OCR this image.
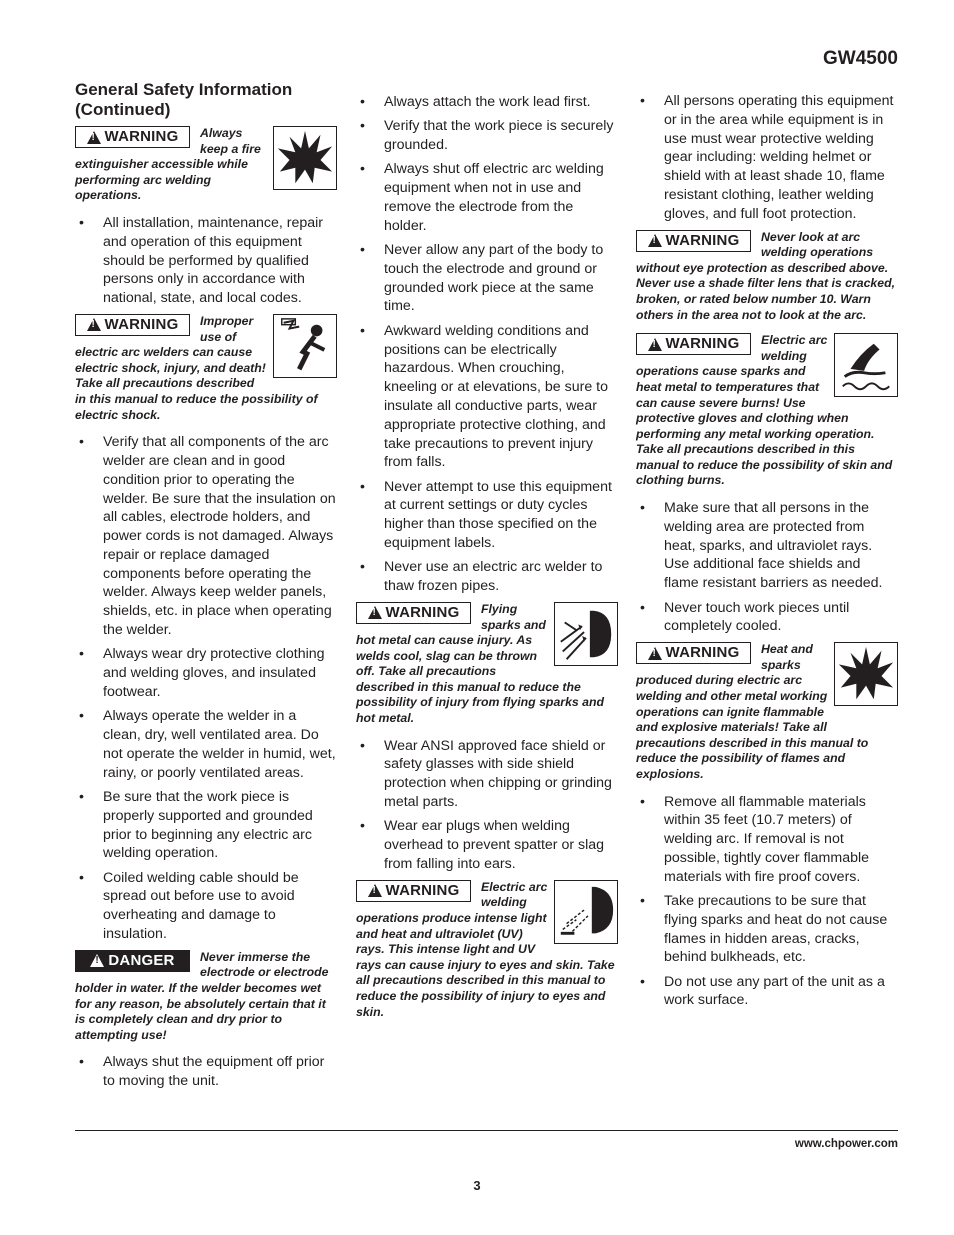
GW4500
General Safety Information (Continued)
!
WARNING Always keep a fire extinguisher accessible while performing arc welding operations.
• All installation, maintenance, repair and operation of this equipment should be performed by qualified persons only in accordance with national, state, and local codes.
!
WARNING Improper use of electric arc welders can cause electric shock, injury, and death! Take all precautions described in this manual to reduce the possibility of electric shock.
• Verify that all components of the arc welder are clean and in good condition prior to operating the welder. Be sure that the insulation on all cables, electrode holders, and power cords is not damaged. Always repair or replace damaged components before operating the welder. Always keep welder panels, shields, etc. in place when operating the welder.
• Always wear dry protective clothing and welding gloves, and insulated footwear.
• Always operate the welder in a clean, dry, well ventilated area. Do not operate the welder in humid, wet, rainy, or poorly ventilated areas.
• Be sure that the work piece is properly supported and grounded prior to beginning any electric arc welding operation.
• Coiled welding cable should be spread out before use to avoid overheating and damage to insulation.
!
DANGER Never immerse the electrode or electrode holder in water. If the welder becomes wet for any reason, be absolutely certain that it is completely clean and dry prior to attempting use!
• Always shut the equipment off prior to moving the unit.
• Always attach the work lead first.
• Verify that the work piece is securely grounded.
• Always shut off electric arc welding equipment when not in use and remove the electrode from the holder.
• Never allow any part of the body to touch the electrode and ground or grounded work piece at the same time.
• Awkward welding conditions and positions can be electrically hazardous. When crouching, kneeling or at elevations, be sure to insulate all conductive parts, wear appropriate protective clothing, and take precautions to prevent injury from falls.
• Never attempt to use this equipment at current settings or duty cycles higher than those specified on the equipment labels.
• Never use an electric arc welder to thaw frozen pipes.
!
WARNING Flying sparks and hot metal can cause injury. As welds cool, slag can be thrown off. Take all precautions described in this manual to reduce the possibility of injury from flying sparks and hot metal.
• Wear ANSI approved face shield or safety glasses with side shield protection when chipping or grinding metal parts.
• Wear ear plugs when welding overhead to prevent spatter or slag from falling into ears.
!
WARNING Electric arc welding operations produce intense light and heat and ultraviolet (UV) rays. This intense light and UV rays can cause injury to eyes and skin. Take all precautions described in this manual to reduce the possibility of injury to eyes and skin.
• All persons operating this equipment or in the area while equipment is in use must wear protective welding gear including: welding helmet or shield with at least shade 10, flame resistant clothing, leather welding gloves, and full foot protection.
!
WARNING Never look at arc welding operations without eye protection as described above. Never use a shade filter lens that is cracked, broken, or rated below number 10. Warn others in the area not to look at the arc.
!
WARNING Electric arc welding operations cause sparks and heat metal to temperatures that can cause severe burns! Use protective gloves and clothing when performing any metal working operation. Take all precautions described in this manual to reduce the possibility of skin and clothing burns.
• Make sure that all persons in the welding area are protected from heat, sparks, and ultraviolet rays. Use additional face shields and flame resistant barriers as needed.
• Never touch work pieces until completely cooled.
!
WARNING Heat and sparks produced during electric arc welding and other metal working operations can ignite flammable and explosive materials! Take all precautions described in this manual to reduce the possibility of flames and explosions.
• Remove all flammable materials within 35 feet (10.7 meters) of welding arc. If removal is not possible, tightly cover flammable materials with fire proof covers.
• Take precautions to be sure that flying sparks and heat do not cause flames in hidden areas, cracks, behind bulkheads, etc.
• Do not use any part of the unit as a work surface.
www.chpower.com
3
